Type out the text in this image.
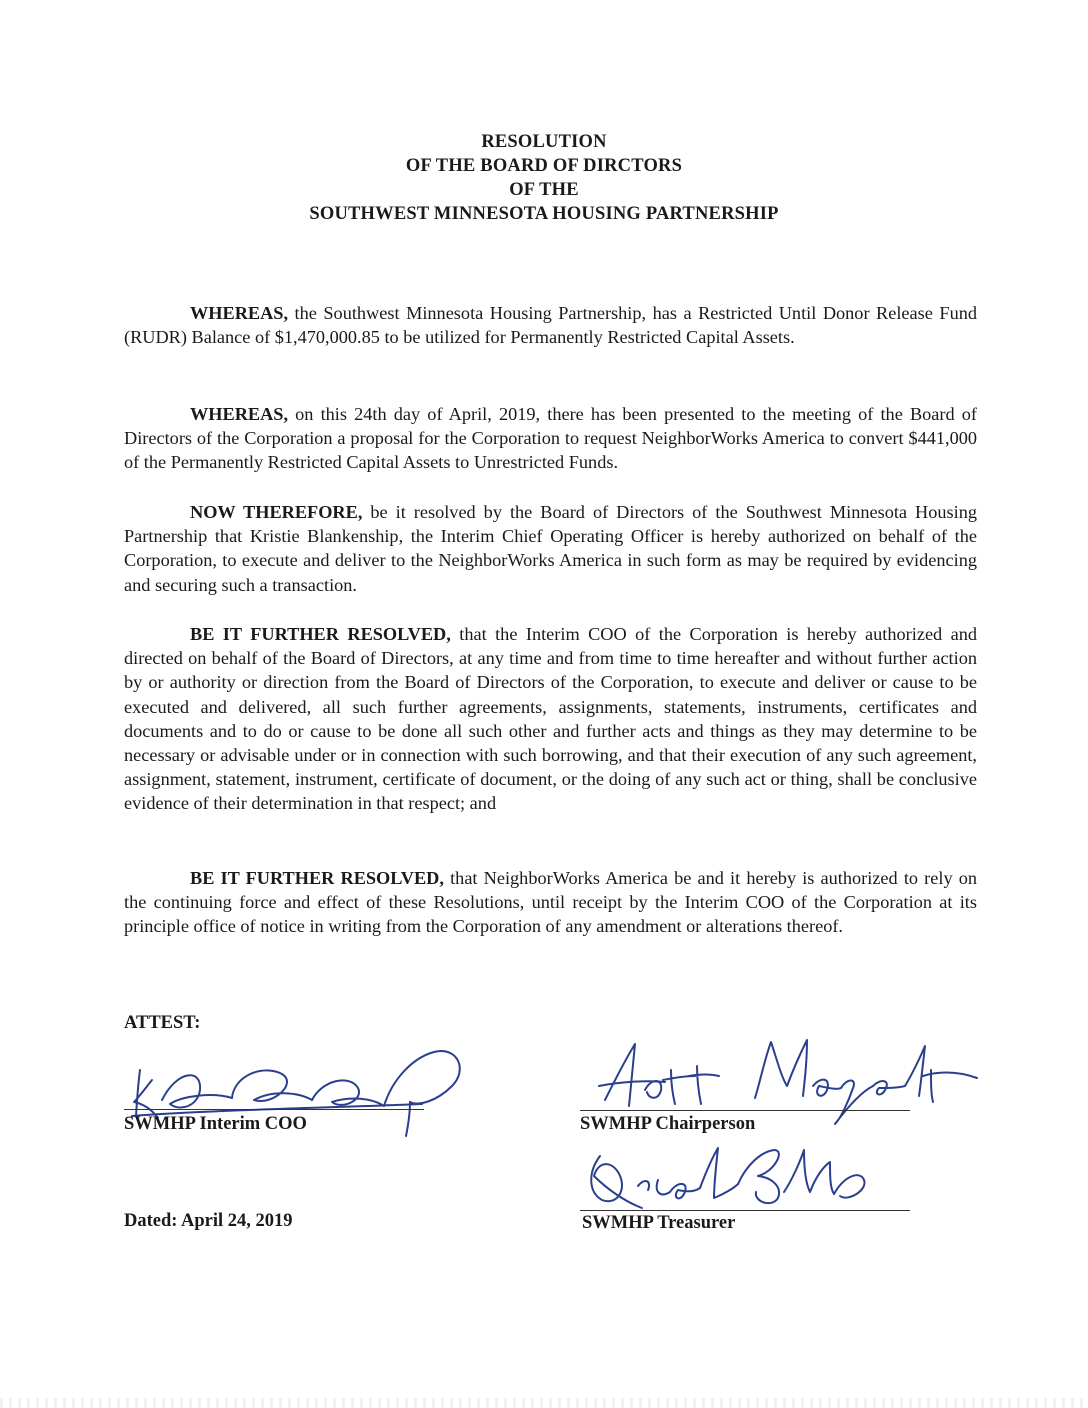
RESOLUTION
OF THE BOARD OF DIRCTORS
OF THE
SOUTHWEST MINNESOTA HOUSING PARTNERSHIP

WHEREAS, the Southwest Minnesota Housing Partnership, has a Restricted Until Donor Release Fund (RUDR) Balance of $1,470,000.85 to be utilized for Permanently Restricted Capital Assets.

WHEREAS, on this 24th day of April, 2019, there has been presented to the meeting of the Board of Directors of the Corporation a proposal for the Corporation to request NeighborWorks America to convert $441,000 of the Permanently Restricted Capital Assets to Unrestricted Funds.

NOW THEREFORE, be it resolved by the Board of Directors of the Southwest Minnesota Housing Partnership that Kristie Blankenship, the Interim Chief Operating Officer is hereby authorized on behalf of the Corporation, to execute and deliver to the NeighborWorks America in such form as may be required by evidencing and securing such a transaction.

BE IT FURTHER RESOLVED, that the Interim COO of the Corporation is hereby authorized and directed on behalf of the Board of Directors, at any time and from time to time hereafter and without further action by or authority or direction from the Board of Directors of the Corporation, to execute and deliver or cause to be executed and delivered, all such further agreements, assignments, statements, instruments, certificates and documents and to do or cause to be done all such other and further acts and things as they may determine to be necessary or advisable under or in connection with such borrowing, and that their execution of any such agreement, assignment, statement, instrument, certificate of document, or the doing of any such act or thing, shall be conclusive evidence of their determination in that respect; and

BE IT FURTHER RESOLVED, that NeighborWorks America be and it hereby is authorized to rely on the continuing force and effect of these Resolutions, until receipt by the Interim COO of the Corporation at its principle office of notice in writing from the Corporation of any amendment or alterations thereof.

ATTEST:
SWMHP Interim COO	SWMHP Chairperson
SWMHP Treasurer
Dated: April 24, 2019
